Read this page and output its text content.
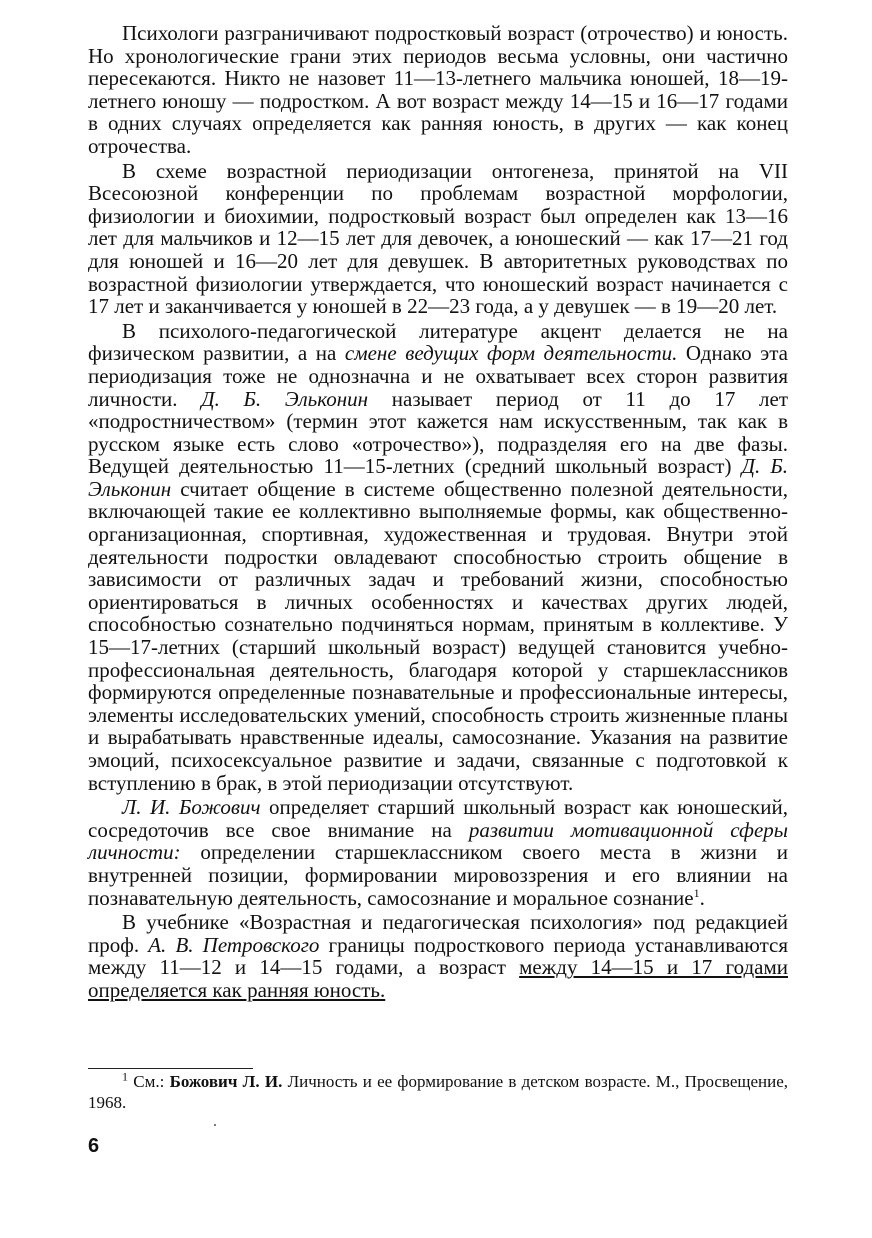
Психологи разграничивают подростковый возраст (отрочество) и юность. Но хронологические грани этих периодов весьма условны, они частично пересекаются. Никто не назовет 11—13-летнего мальчика юношей, 18—19-летнего юношу — подростком. А вот возраст между 14—15 и 16—17 годами в одних случаях определяется как ранняя юность, в других — как конец отрочества.

В схеме возрастной периодизации онтогенеза, принятой на VII Всесоюзной конференции по проблемам возрастной морфологии, физиологии и биохимии, подростковый возраст был определен как 13—16 лет для мальчиков и 12—15 лет для девочек, а юношеский — как 17—21 год для юношей и 16—20 лет для девушек. В авторитетных руководствах по возрастной физиологии утверждается, что юношеский возраст начинается с 17 лет и заканчивается у юношей в 22—23 года, а у девушек — в 19—20 лет.

В психолого-педагогической литературе акцент делается не на физическом развитии, а на смене ведущих форм деятельности. Однако эта периодизация тоже не однозначна и не охватывает всех сторон развития личности. Д. Б. Эльконин называет период от 11 до 17 лет «подростничеством» (термин этот кажется нам искусственным, так как в русском языке есть слово «отрочество»), подразделяя его на две фазы. Ведущей деятельностью 11—15-летних (средний школьный возраст) Д. Б. Эльконин считает общение в системе общественно полезной деятельности, включающей такие ее коллективно выполняемые формы, как общественно-организационная, спортивная, художественная и трудовая. Внутри этой деятельности подростки овладевают способностью строить общение в зависимости от различных задач и требований жизни, способностью ориентироваться в личных особенностях и качествах других людей, способностью сознательно подчиняться нормам, принятым в коллективе. У 15—17-летних (старший школьный возраст) ведущей становится учебно-профессиональная деятельность, благодаря которой у старшеклассников формируются определенные познавательные и профессиональные интересы, элементы исследовательских умений, способность строить жизненные планы и вырабатывать нравственные идеалы, самосознание. Указания на развитие эмоций, психосексуальное развитие и задачи, связанные с подготовкой к вступлению в брак, в этой периодизации отсутствуют.

Л. И. Божович определяет старший школьный возраст как юношеский, сосредоточив все свое внимание на развитии мотивационной сферы личности: определении старшеклассником своего места в жизни и внутренней позиции, формировании мировоззрения и его влиянии на познавательную деятельность, самосознание и моральное сознание$^1$.

В учебнике «Возрастная и педагогическая психология» под редакцией проф. А. В. Петровского границы подросткового периода устанавливаются между 11—12 и 14—15 годами, а возраст между 14—15 и 17 годами определяется как ранняя юность.

$^1$ См.: Божович Л. И. Личность и ее формирование в детском возрасте. М., Просвещение, 1968.

6
